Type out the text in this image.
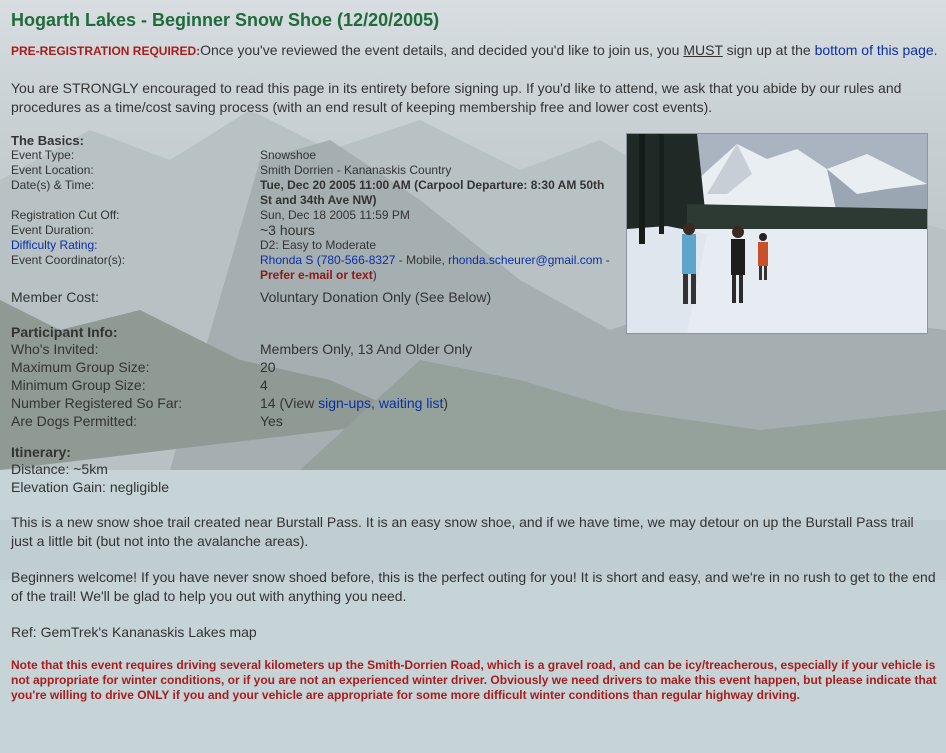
Hogarth Lakes - Beginner Snow Shoe (12/20/2005)

PRE-REGISTRATION REQUIRED:Once you've reviewed the event details, and decided you'd like to join us, you MUST sign up at the bottom of this page.

You are STRONGLY encouraged to read this page in its entirety before signing up. If you'd like to attend, we ask that you abide by our rules and procedures as a time/cost saving process (with an end result of keeping membership free and lower cost events).

The Basics:
Event Type:	Snowshoe
Event Location:	Smith Dorrien - Kananaskis Country
Date(s) & Time:	Tue, Dec 20 2005 11:00 AM (Carpool Departure: 8:30 AM 50th St and 34th Ave NW)
Registration Cut Off:	Sun, Dec 18 2005 11:59 PM
Event Duration:	~3 hours
Difficulty Rating:	D2: Easy to Moderate
Event Coordinator(s):	Rhonda S (780-566-8327 - Mobile, rhonda.scheurer@gmail.com - Prefer e-mail or text)
Member Cost:	Voluntary Donation Only (See Below)
Participant Info:
Who's Invited:	Members Only, 13 And Older Only
Maximum Group Size:	20
Minimum Group Size:	4
Number Registered So Far:	14 (View sign-ups, waiting list)
Are Dogs Permitted:	Yes
Itinerary:
Distance: ~5km
Elevation Gain: negligible
This is a new snow shoe trail created near Burstall Pass. It is an easy snow shoe, and if we have time, we may detour on up the Burstall Pass trail just a little bit (but not into the avalanche areas).
Beginners welcome! If you have never snow shoed before, this is the perfect outing for you! It is short and easy, and we're in no rush to get to the end of the trail! We'll be glad to help you out with anything you need.
Ref: GemTrek's Kananaskis Lakes map
Note that this event requires driving several kilometers up the Smith-Dorrien Road, which is a gravel road, and can be icy/treacherous, especially if your vehicle is not appropriate for winter conditions, or if you are not an experienced winter driver. Obviously we need drivers to make this event happen, but please indicate that you're willing to drive ONLY if you and your vehicle are appropriate for some more difficult winter conditions than regular highway driving.
